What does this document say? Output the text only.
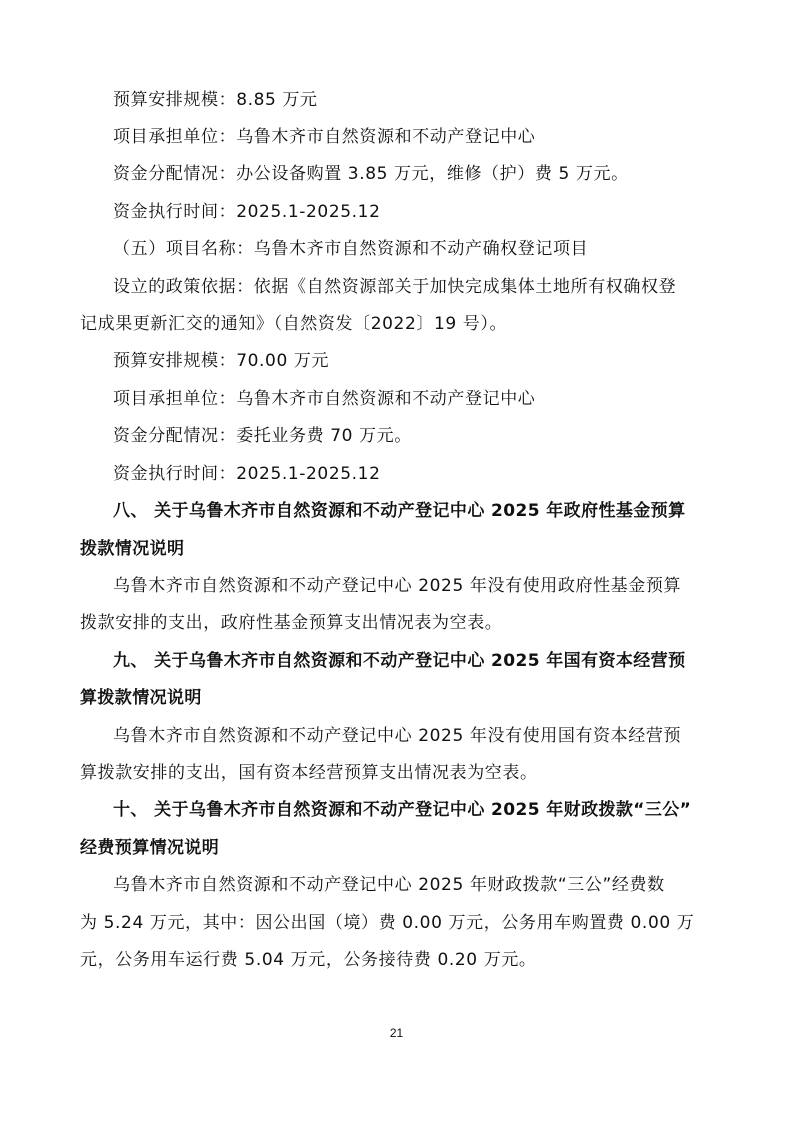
预算安排规模：8.85 万元
项目承担单位：乌鲁木齐市自然资源和不动产登记中心
资金分配情况：办公设备购置 3.85 万元，维修（护）费 5 万元。
资金执行时间：2025.1-2025.12
（五）项目名称：乌鲁木齐市自然资源和不动产确权登记项目
设立的政策依据：依据《自然资源部关于加快完成集体土地所有权确权登
记成果更新汇交的通知》（自然资发〔2022〕19 号）。
预算安排规模：70.00 万元
项目承担单位：乌鲁木齐市自然资源和不动产登记中心
资金分配情况：委托业务费 70 万元。
资金执行时间：2025.1-2025.12
八、 关于乌鲁木齐市自然资源和不动产登记中心 2025 年政府性基金预算
拨款情况说明
乌鲁木齐市自然资源和不动产登记中心 2025 年没有使用政府性基金预算
拨款安排的支出，政府性基金预算支出情况表为空表。
九、 关于乌鲁木齐市自然资源和不动产登记中心 2025 年国有资本经营预
算拨款情况说明
乌鲁木齐市自然资源和不动产登记中心 2025 年没有使用国有资本经营预
算拨款安排的支出，国有资本经营预算支出情况表为空表。
十、 关于乌鲁木齐市自然资源和不动产登记中心 2025 年财政拨款“三公”
经费预算情况说明
乌鲁木齐市自然资源和不动产登记中心 2025 年财政拨款“三公”经费数
为 5.24 万元，其中：因公出国（境）费 0.00 万元，公务用车购置费 0.00 万
元，公务用车运行费 5.04 万元，公务接待费 0.20 万元。
21
